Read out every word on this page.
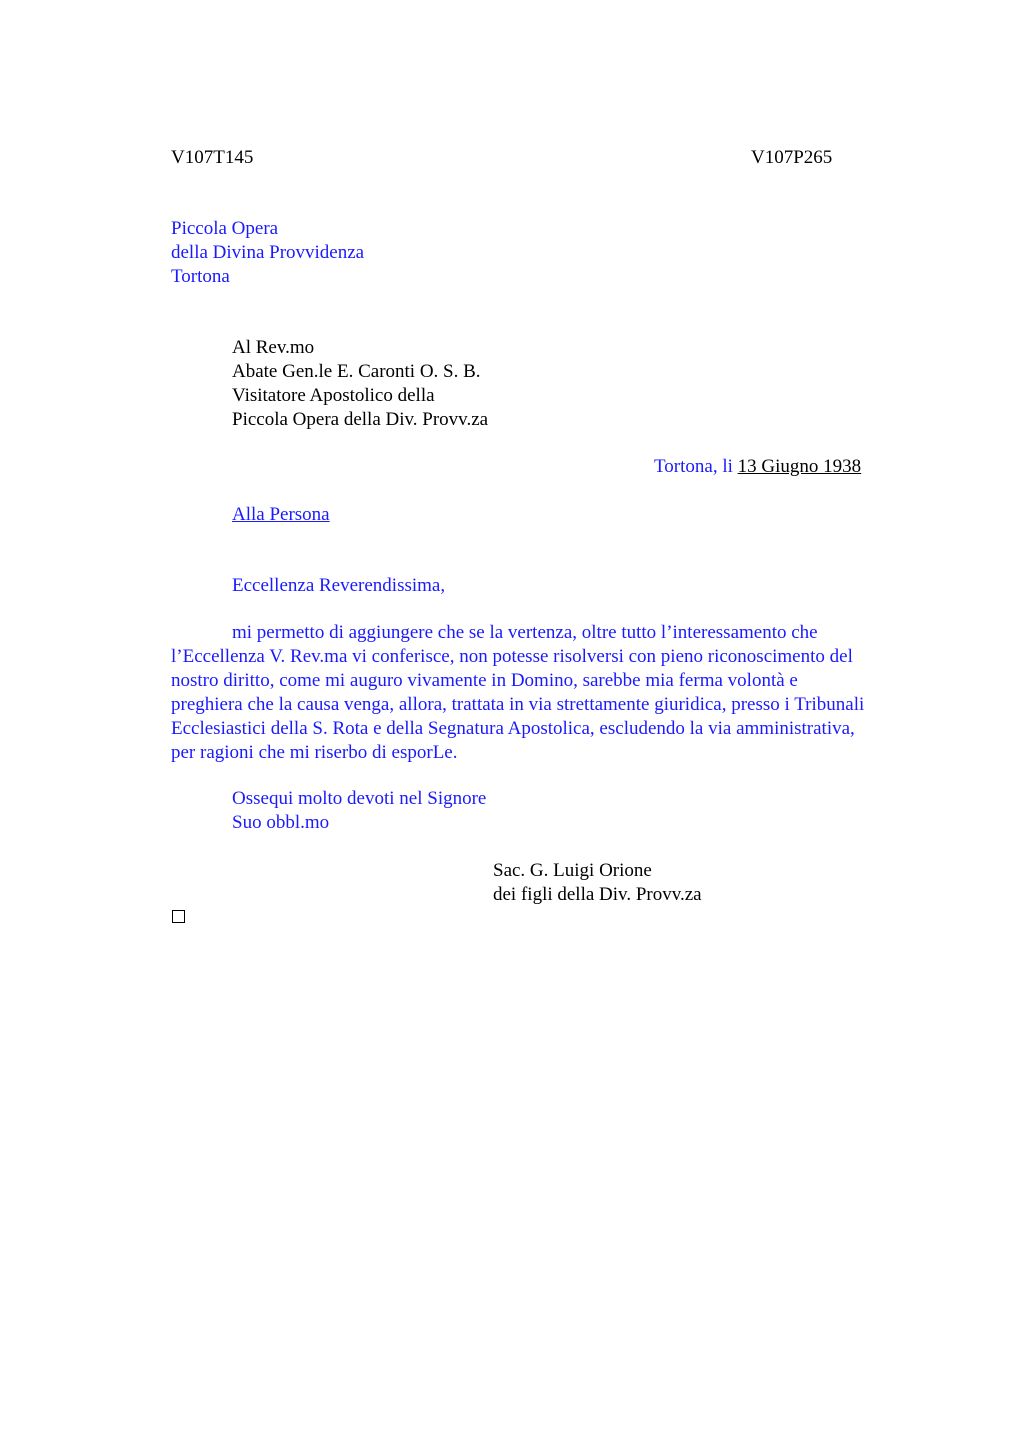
V107T145	V107P265
Piccola Opera
della Divina Provvidenza
Tortona
Al Rev.mo
Abate Gen.le E. Caronti O. S. B.
Visitatore Apostolico della
Piccola Opera della Div. Provv.za
Tortona, li 13 Giugno 1938
Alla Persona
Eccellenza Reverendissima,
mi permetto di aggiungere che se la vertenza, oltre tutto l’interessamento che
l’Eccellenza V. Rev.ma vi conferisce, non potesse risolversi con pieno riconoscimento del
nostro diritto, come mi auguro vivamente in Domino, sarebbe mia ferma volontà e
preghiera che la causa venga, allora, trattata in via strettamente giuridica, presso i Tribunali
Ecclesiastici della S. Rota e della Segnatura Apostolica, escludendo la via amministrativa,
per ragioni che mi riserbo di esporLe.
Ossequi molto devoti nel Signore
Suo obbl.mo
Sac. G. Luigi Orione
dei figli della Div. Provv.za
